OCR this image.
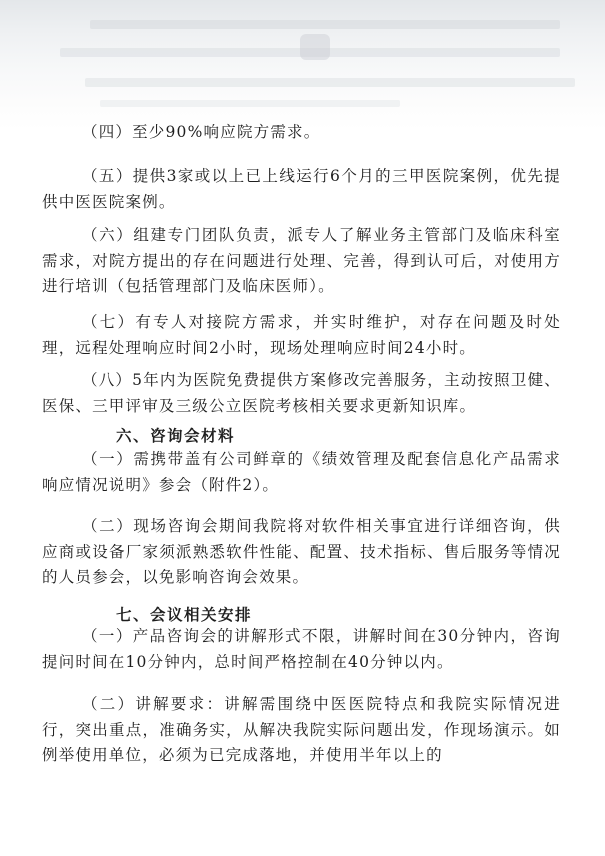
（四）至少90%响应院方需求。

（五）提供3家或以上已上线运行6个月的三甲医院案例，优先提供中医医院案例。

（六）组建专门团队负责，派专人了解业务主管部门及临床科室需求，对院方提出的存在问题进行处理、完善，得到认可后，对使用方进行培训（包括管理部门及临床医师）。

（七）有专人对接院方需求，并实时维护，对存在问题及时处理，远程处理响应时间2小时，现场处理响应时间24小时。

（八）5年内为医院免费提供方案修改完善服务，主动按照卫健、医保、三甲评审及三级公立医院考核相关要求更新知识库。

六、咨询会材料

（一）需携带盖有公司鲜章的《绩效管理及配套信息化产品需求响应情况说明》参会（附件2）。

（二）现场咨询会期间我院将对软件相关事宜进行详细咨询，供应商或设备厂家须派熟悉软件性能、配置、技术指标、售后服务等情况的人员参会，以免影响咨询会效果。

七、会议相关安排

（一）产品咨询会的讲解形式不限，讲解时间在30分钟内，咨询提问时间在10分钟内，总时间严格控制在40分钟以内。

（二）讲解要求：讲解需围绕中医医院特点和我院实际情况进行，突出重点，准确务实，从解决我院实际问题出发，作现场演示。如例举使用单位，必须为已完成落地，并使用半年以上的
